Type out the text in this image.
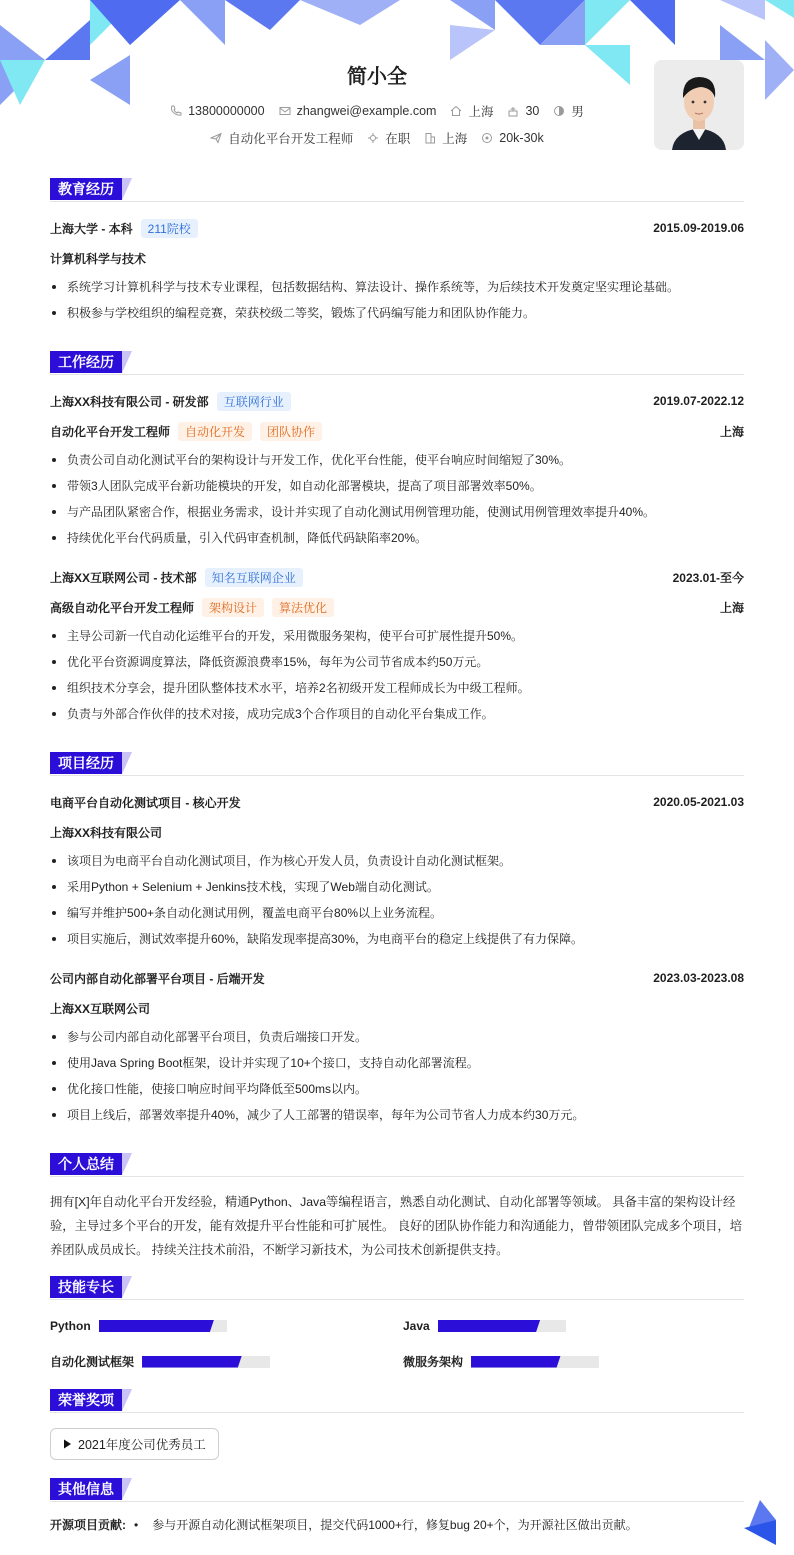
简小全
13800000000	zhangwei@example.com	上海	30	男
自动化平台开发工程师	在职	上海	20k-30k
教育经历
上海大学 - 本科	211院校	2015.09-2019.06
计算机科学与技术
系统学习计算机科学与技术专业课程，包括数据结构、算法设计、操作系统等，为后续技术开发奠定坚实理论基础。
积极参与学校组织的编程竞赛，荣获校级二等奖，锻炼了代码编写能力和团队协作能力。
工作经历
上海XX科技有限公司 - 研发部	互联网行业	2019.07-2022.12
自动化平台开发工程师	自动化开发	团队协作	上海
负责公司自动化测试平台的架构设计与开发工作，优化平台性能，使平台响应时间缩短了30%。
带领3人团队完成平台新功能模块的开发，如自动化部署模块，提高了项目部署效率50%。
与产品团队紧密合作，根据业务需求，设计并实现了自动化测试用例管理功能，使测试用例管理效率提升40%。
持续优化平台代码质量，引入代码审查机制，降低代码缺陷率20%。
上海XX互联网公司 - 技术部	知名互联网企业	2023.01-至今
高级自动化平台开发工程师	架构设计	算法优化	上海
主导公司新一代自动化运维平台的开发，采用微服务架构，使平台可扩展性提升50%。
优化平台资源调度算法，降低资源浪费率15%，每年为公司节省成本约50万元。
组织技术分享会，提升团队整体技术水平，培养2名初级开发工程师成长为中级工程师。
负责与外部合作伙伴的技术对接，成功完成3个合作项目的自动化平台集成工作。
项目经历
电商平台自动化测试项目 - 核心开发	2020.05-2021.03
上海XX科技有限公司
该项目为电商平台自动化测试项目，作为核心开发人员，负责设计自动化测试框架。
采用Python + Selenium + Jenkins技术栈，实现了Web端自动化测试。
编写并维护500+条自动化测试用例，覆盖电商平台80%以上业务流程。
项目实施后，测试效率提升60%，缺陷发现率提高30%，为电商平台的稳定上线提供了有力保障。
公司内部自动化部署平台项目 - 后端开发	2023.03-2023.08
上海XX互联网公司
参与公司内部自动化部署平台项目，负责后端接口开发。
使用Java Spring Boot框架，设计并实现了10+个接口，支持自动化部署流程。
优化接口性能，使接口响应时间平均降低至500ms以内。
项目上线后，部署效率提升40%，减少了人工部署的错误率，每年为公司节省人力成本约30万元。
个人总结
拥有[X]年自动化平台开发经验，精通Python、Java等编程语言，熟悉自动化测试、自动化部署等领域。 具备丰富的架构设计经验，主导过多个平台的开发，能有效提升平台性能和可扩展性。 良好的团队协作能力和沟通能力，曾带领团队完成多个项目，培养团队成员成长。 持续关注技术前沿，不断学习新技术，为公司技术创新提供支持。
技能专长
Python	Java
自动化测试框架	微服务架构
荣誉奖项
2021年度公司优秀员工
其他信息
开源项目贡献: • 参与开源自动化测试框架项目，提交代码1000+行，修复bug 20+个，为开源社区做出贡献。
